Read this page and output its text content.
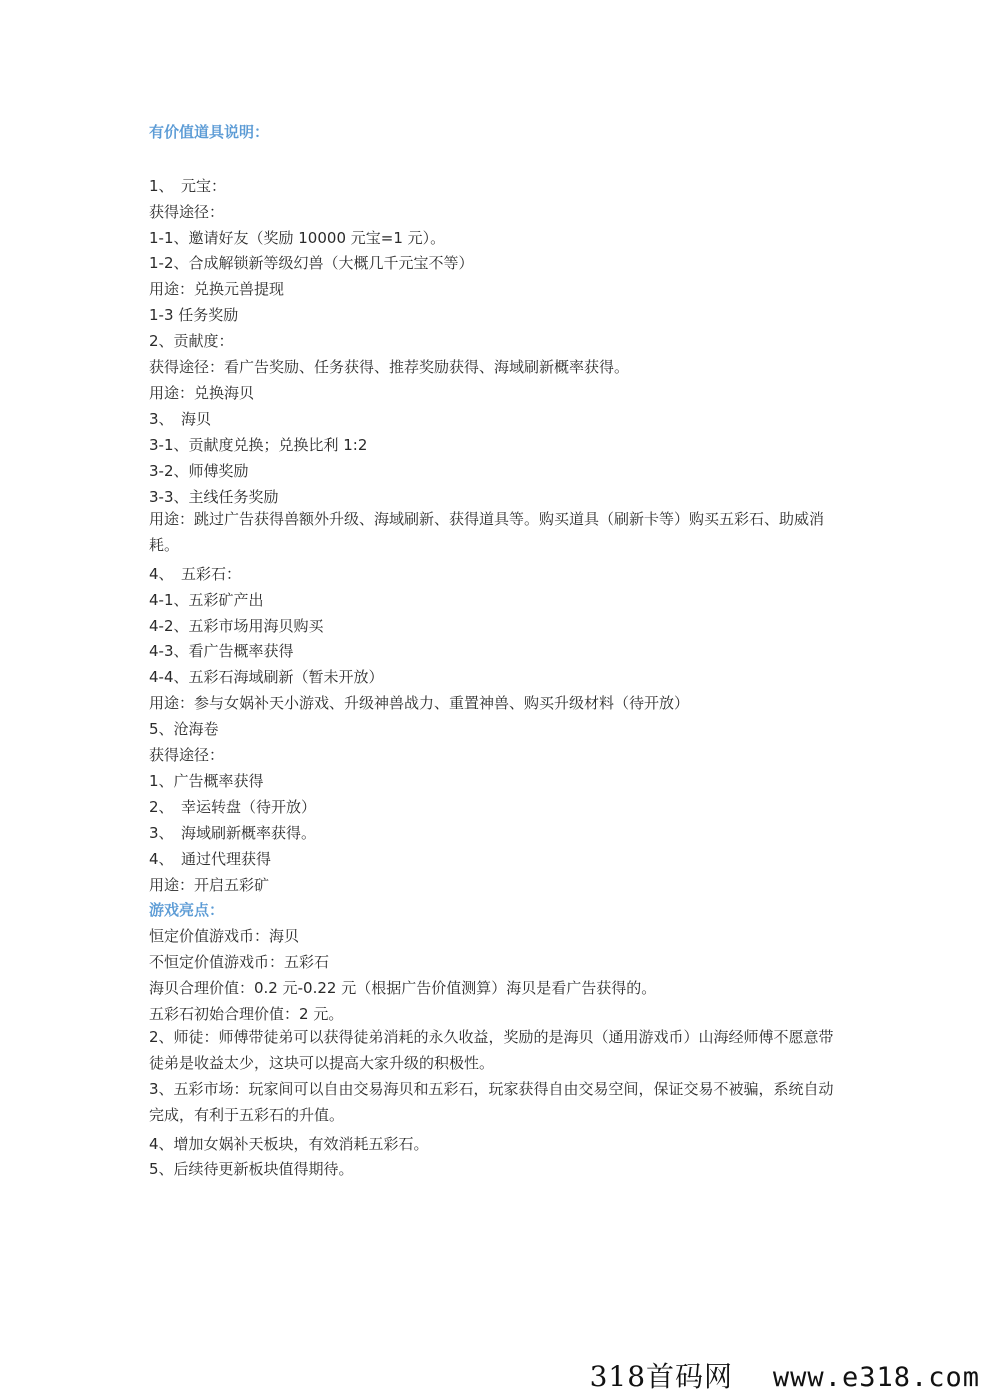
有价值道具说明：
1、　元宝：
获得途径：
1-1、邀请好友（奖励 10000 元宝=1 元）。
1-2、合成解锁新等级幻兽（大概几千元宝不等）
用途：兑换元兽提现
1-3 任务奖励
2、贡献度：
获得途径：看广告奖励、任务获得、推荐奖励获得、海域刷新概率获得。
用途：兑换海贝
3、　海贝
3-1、贡献度兑换；兑换比利 1:2
3-2、师傅奖励
3-3、主线任务奖励
用途：跳过广告获得兽额外升级、海域刷新、获得道具等。购买道具（刷新卡等）购买五彩石、助威消耗。
4、　五彩石：
4-1、五彩矿产出
4-2、五彩市场用海贝购买
4-3、看广告概率获得
4-4、五彩石海域刷新（暂未开放）
用途：参与女娲补天小游戏、升级神兽战力、重置神兽、购买升级材料（待开放）
5、沧海卷
获得途径：
1、广告概率获得
2、　幸运转盘（待开放）
3、　海域刷新概率获得。
4、　通过代理获得
用途：开启五彩矿
游戏亮点：
恒定价值游戏币：海贝
不恒定价值游戏币：五彩石
海贝合理价值：0.2 元-0.22 元（根据广告价值测算）海贝是看广告获得的。
五彩石初始合理价值：2 元。
2、师徒：师傅带徒弟可以获得徒弟消耗的永久收益，奖励的是海贝（通用游戏币）山海经师傅不愿意带徒弟是收益太少，这块可以提高大家升级的积极性。
3、五彩市场：玩家间可以自由交易海贝和五彩石，玩家获得自由交易空间，保证交易不被骗，系统自动完成，有利于五彩石的升值。
4、增加女娲补天板块，有效消耗五彩石。
5、后续待更新板块值得期待。
318首码网 www.e318.com
